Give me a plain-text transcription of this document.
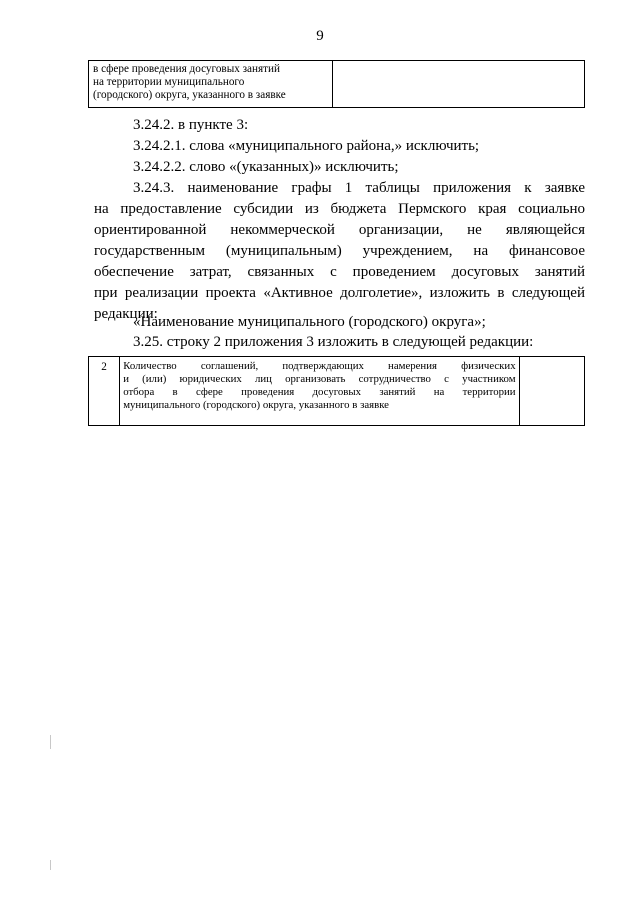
9
в сфере проведения досуговых занятий
на территории муниципального
(городского) округа, указанного в заявке

3.24.2. в пункте 3:
3.24.2.1. слова «муниципального района,» исключить;
3.24.2.2. слово «(указанных)» исключить;
3.24.3. наименование графы 1 таблицы приложения к заявке
на предоставление субсидии из бюджета Пермского края социально
ориентированной некоммерческой организации, не являющейся
государственным (муниципальным) учреждением, на финансовое
обеспечение затрат, связанных с проведением досуговых занятий
при реализации проекта «Активное долголетие», изложить в следующей
редакции:
«Наименование муниципального (городского) округа»;
3.25. строку 2 приложения 3 изложить в следующей редакции:
2	Количество соглашений, подтверждающих намерения физических
и (или) юридических лиц организовать сотрудничество с участником
отбора в сфере проведения досуговых занятий на территории
муниципального (городского) округа, указанного в заявке
